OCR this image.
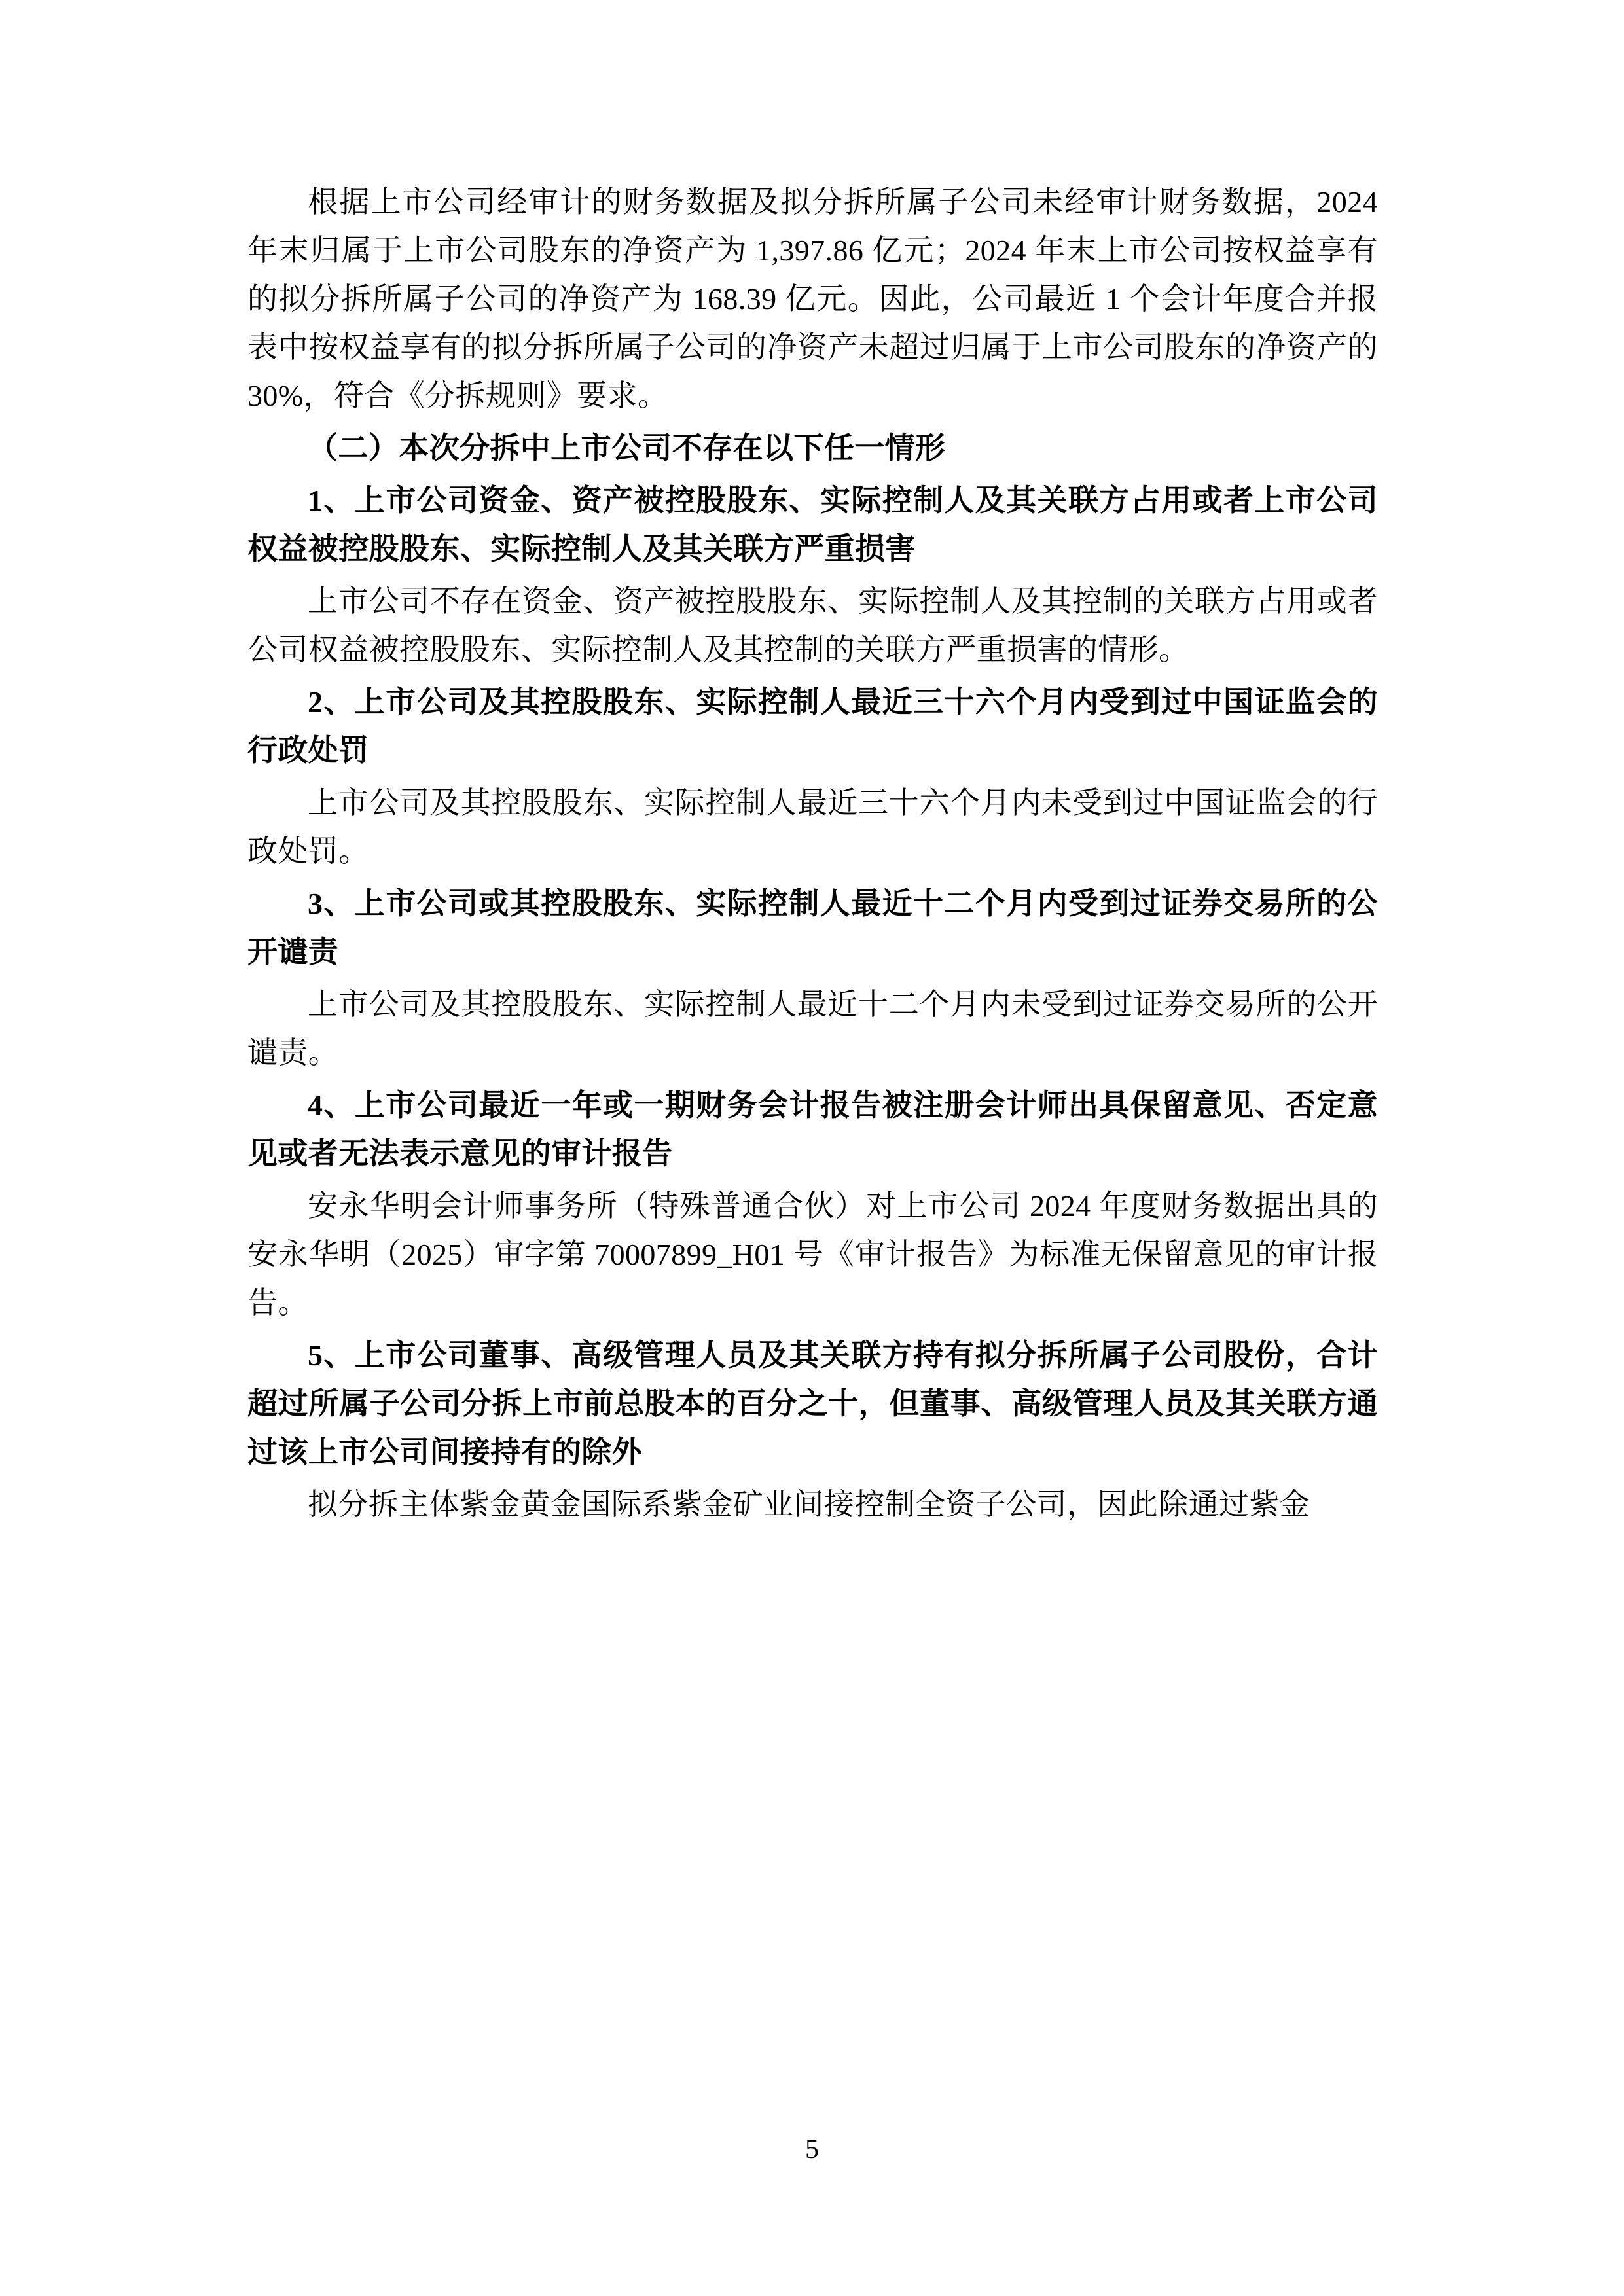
根据上市公司经审计的财务数据及拟分拆所属子公司未经审计财务数据，2024 年末归属于上市公司股东的净资产为 1,397.86 亿元；2024 年末上市公司按权益享有的拟分拆所属子公司的净资产为 168.39 亿元。因此，公司最近 1 个会计年度合并报表中按权益享有的拟分拆所属子公司的净资产未超过归属于上市公司股东的净资产的 30%，符合《分拆规则》要求。

（二）本次分拆中上市公司不存在以下任一情形

1、上市公司资金、资产被控股股东、实际控制人及其关联方占用或者上市公司权益被控股股东、实际控制人及其关联方严重损害

上市公司不存在资金、资产被控股股东、实际控制人及其控制的关联方占用或者公司权益被控股股东、实际控制人及其控制的关联方严重损害的情形。

2、上市公司及其控股股东、实际控制人最近三十六个月内受到过中国证监会的行政处罚

上市公司及其控股股东、实际控制人最近三十六个月内未受到过中国证监会的行政处罚。

3、上市公司或其控股股东、实际控制人最近十二个月内受到过证券交易所的公开谴责

上市公司及其控股股东、实际控制人最近十二个月内未受到过证券交易所的公开谴责。

4、上市公司最近一年或一期财务会计报告被注册会计师出具保留意见、否定意见或者无法表示意见的审计报告

安永华明会计师事务所（特殊普通合伙）对上市公司 2024 年度财务数据出具的安永华明（2025）审字第 70007899_H01 号《审计报告》为标准无保留意见的审计报告。

5、上市公司董事、高级管理人员及其关联方持有拟分拆所属子公司股份，合计超过所属子公司分拆上市前总股本的百分之十，但董事、高级管理人员及其关联方通过该上市公司间接持有的除外

拟分拆主体紫金黄金国际系紫金矿业间接控制全资子公司，因此除通过紫金

5
